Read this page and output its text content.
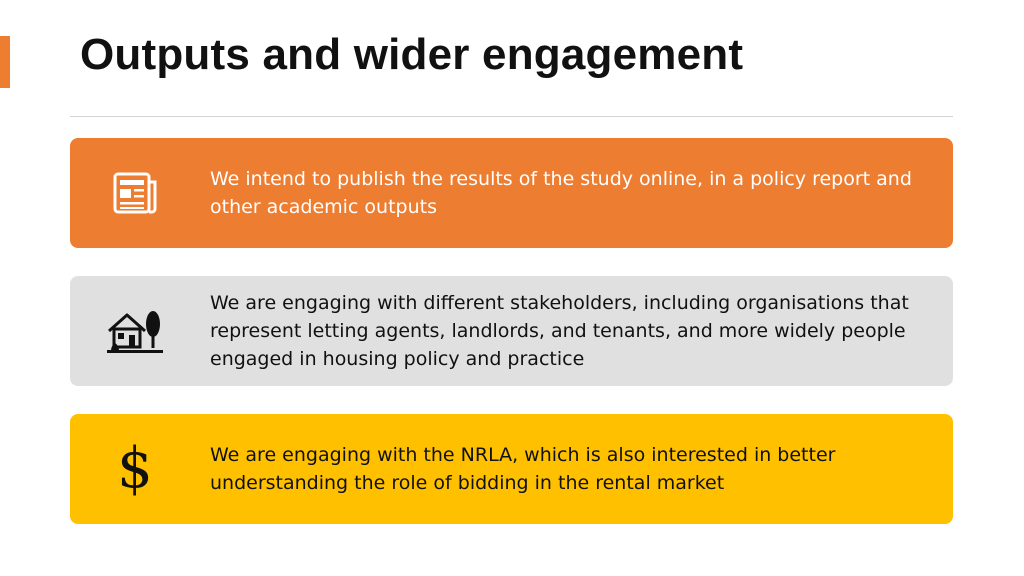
Outputs and wider engagement
We intend to publish the results of the study online, in a policy report and other academic outputs
We are engaging with different stakeholders, including organisations that represent letting agents, landlords, and tenants, and more widely people engaged in housing policy and practice
$	We are engaging with the NRLA, which is also interested in better understanding the role of bidding in the rental market
